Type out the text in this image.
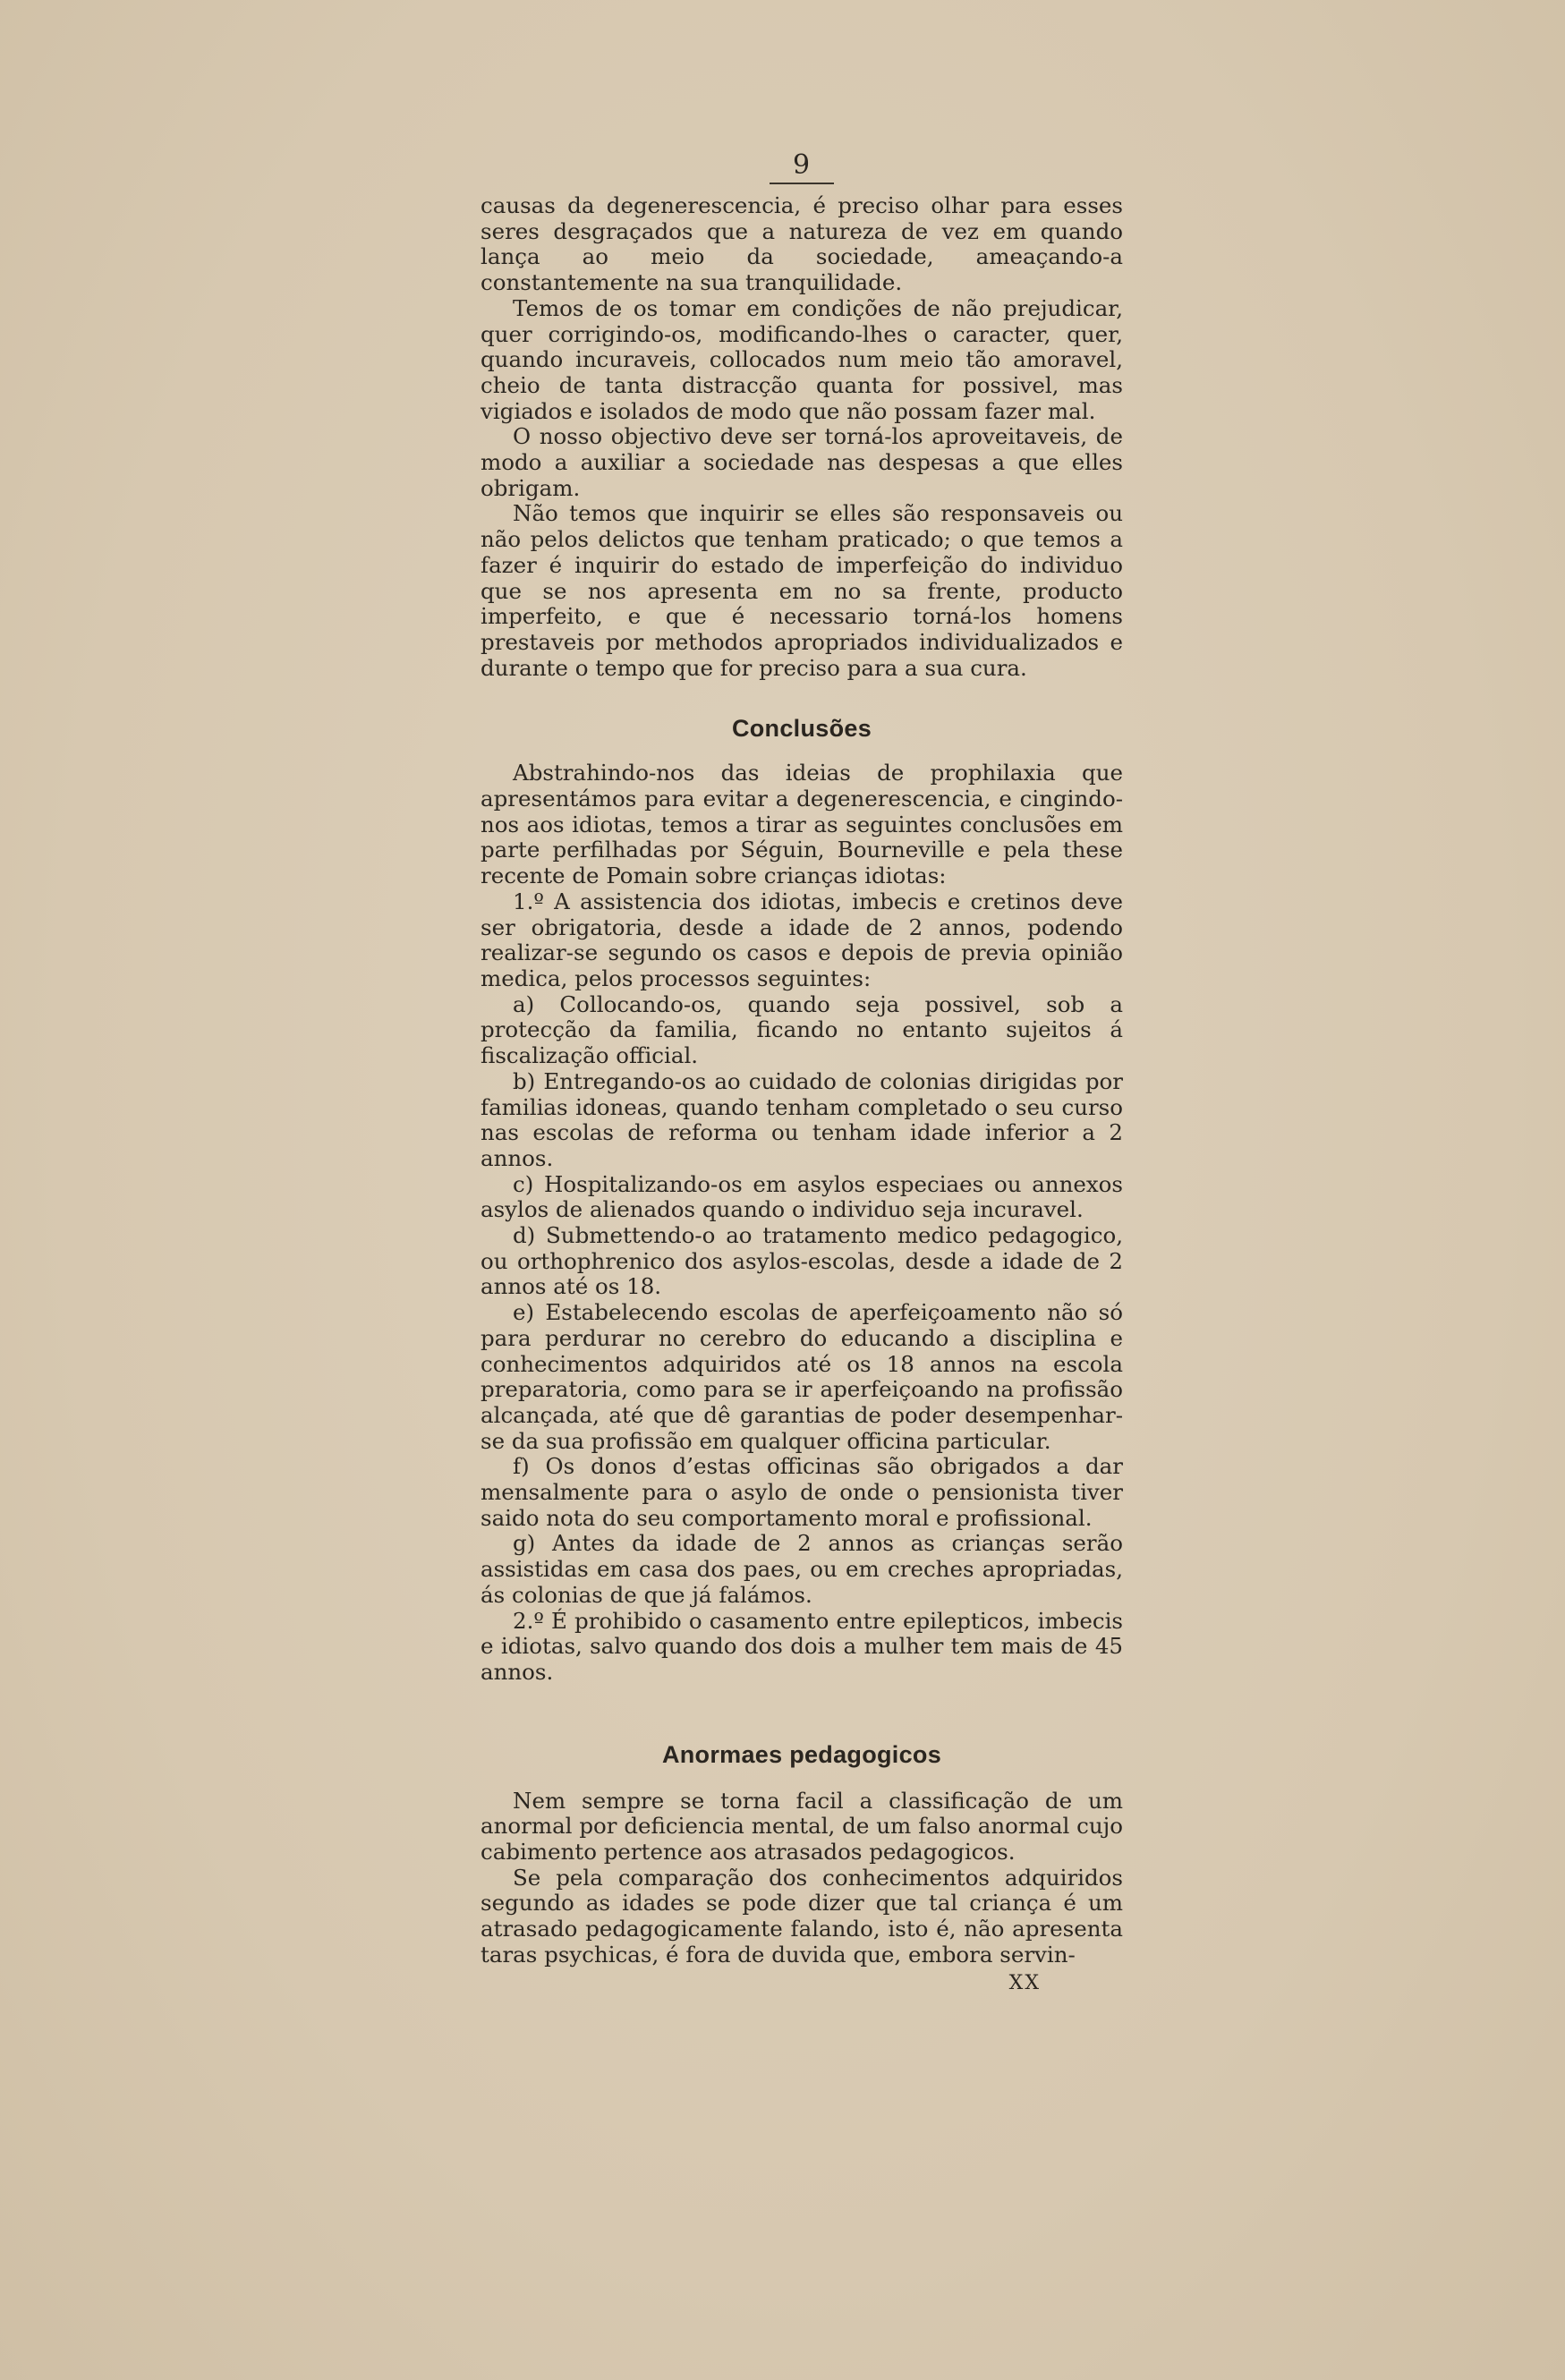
9

causas da degenerescencia, é preciso olhar para esses seres desgraçados que a natureza de vez em quando lança ao meio da sociedade, ameaçando-a constantemente na sua tranquilidade.

Temos de os tomar em condições de não prejudicar, quer corrigindo-os, modificando-lhes o caracter, quer, quando incuraveis, collocados num meio tão amoravel, cheio de tanta distracção quanta for possivel, mas vigiados e isolados de modo que não possam fazer mal.

O nosso objectivo deve ser torná-los aproveitaveis, de modo a auxiliar a sociedade nas despesas a que elles obrigam.

Não temos que inquirir se elles são responsaveis ou não pelos delictos que tenham praticado; o que temos a fazer é inquirir do estado de imperfeição do individuo que se nos apresenta em no sa frente, producto imperfeito, e que é necessario torná-los homens prestaveis por methodos apropriados individualizados e durante o tempo que for preciso para a sua cura.

Conclusões

Abstrahindo-nos das ideias de prophilaxia que apresentámos para evitar a degenerescencia, e cingindo-nos aos idiotas, temos a tirar as seguintes conclusões em parte perfilhadas por Séguin, Bourneville e pela these recente de Pomain sobre crianças idiotas:

1.º A assistencia dos idiotas, imbecis e cretinos deve ser obrigatoria, desde a idade de 2 annos, podendo realizar-se segundo os casos e depois de previa opinião medica, pelos processos seguintes:

a) Collocando-os, quando seja possivel, sob a protecção da familia, ficando no entanto sujeitos á fiscalização official.

b) Entregando-os ao cuidado de colonias dirigidas por familias idoneas, quando tenham completado o seu curso nas escolas de reforma ou tenham idade inferior a 2 annos.

c) Hospitalizando-os em asylos especiaes ou annexos asylos de alienados quando o individuo seja incuravel.

d) Submettendo-o ao tratamento medico pedagogico, ou orthophrenico dos asylos-escolas, desde a idade de 2 annos até os 18.

e) Estabelecendo escolas de aperfeiçoamento não só para perdurar no cerebro do educando a disciplina e conhecimentos adquiridos até os 18 annos na escola preparatoria, como para se ir aperfeiçoando na profissão alcançada, até que dê garantias de poder desempenhar-se da sua profissão em qualquer officina particular.

f) Os donos d’estas officinas são obrigados a dar mensalmente para o asylo de onde o pensionista tiver saido nota do seu comportamento moral e profissional.

g) Antes da idade de 2 annos as crianças serão assistidas em casa dos paes, ou em creches apropriadas, ás colonias de que já falámos.

2.º É prohibido o casamento entre epilepticos, imbecis e idiotas, salvo quando dos dois a mulher tem mais de 45 annos.

Anormaes pedagogicos

Nem sempre se torna facil a classificação de um anormal por deficiencia mental, de um falso anormal cujo cabimento pertence aos atrasados pedagogicos.

Se pela comparação dos conhecimentos adquiridos segundo as idades se pode dizer que tal criança é um atrasado pedagogicamente falando, isto é, não apresenta taras psychicas, é fora de duvida que, embora servin-

XX
